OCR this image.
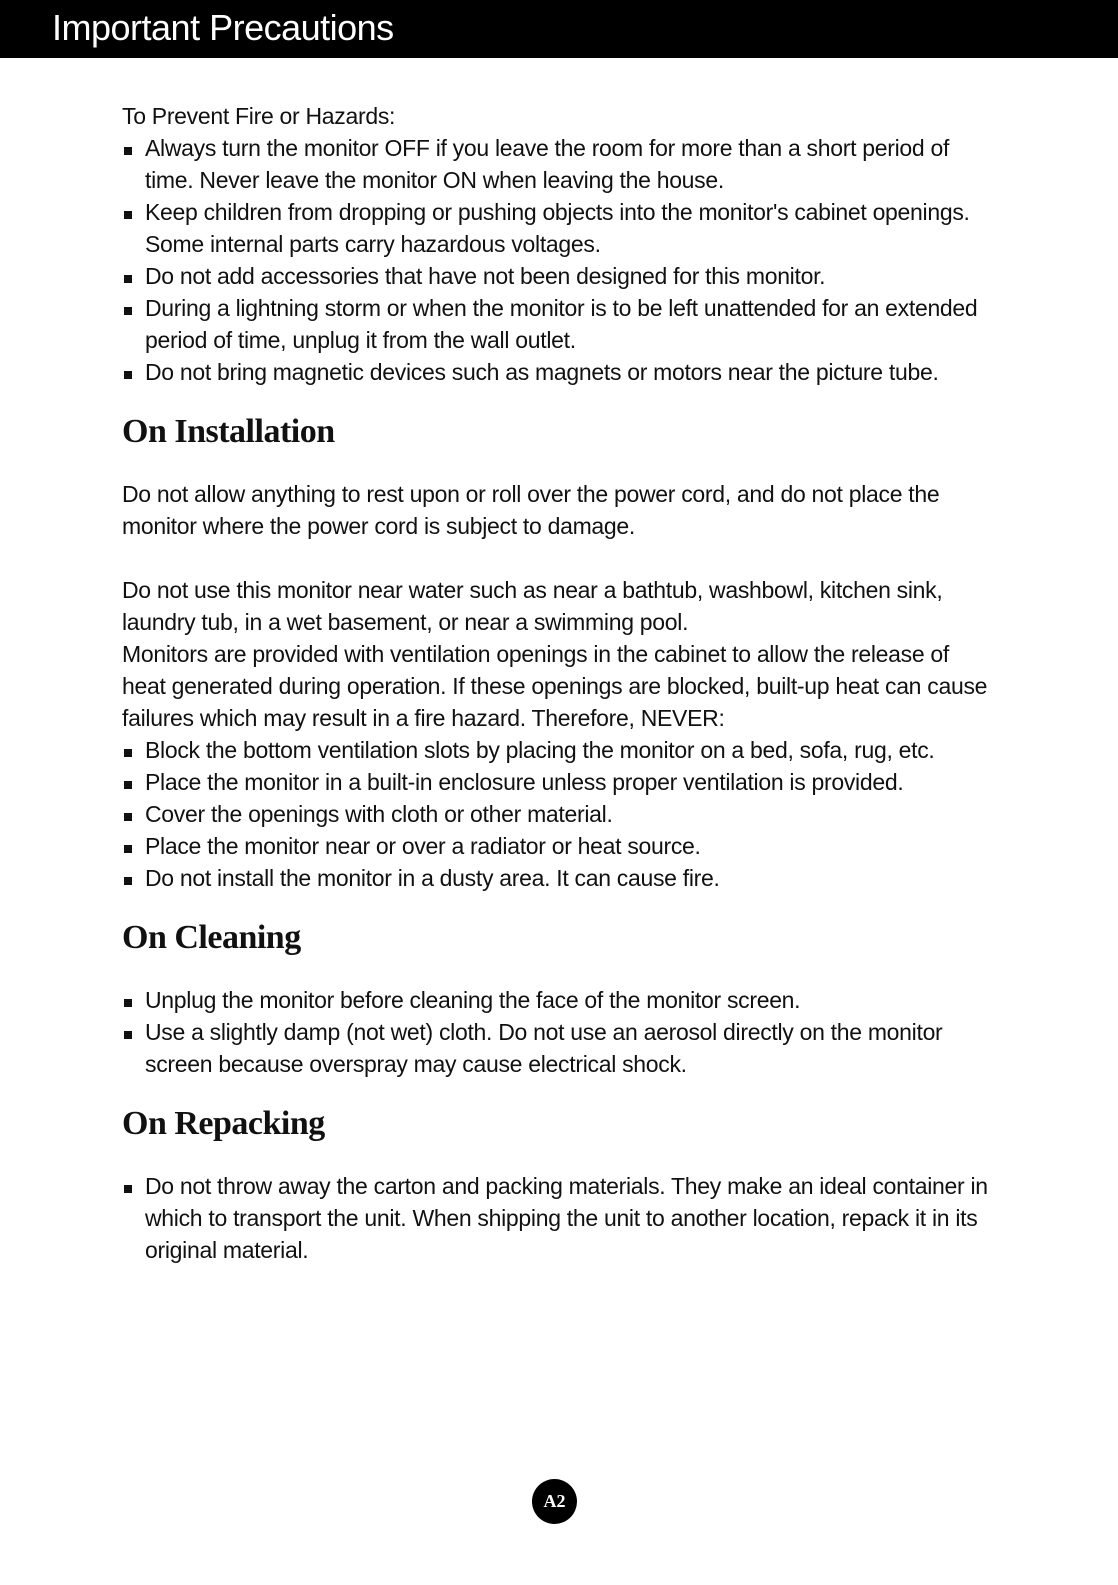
Important Precautions

To Prevent Fire or Hazards:

Always turn the monitor OFF if you leave the room for more than a short period of time. Never leave the monitor ON when leaving the house.
Keep children from dropping or pushing objects into the monitor's cabinet openings. Some internal parts carry hazardous voltages.
Do not add accessories that have not been designed for this monitor.
During a lightning storm or when the monitor is to be left unattended for an extended period of time, unplug it from the wall outlet.
Do not bring magnetic devices such as magnets or motors near the picture tube.
On Installation

Do not allow anything to rest upon or roll over the power cord, and do not place the monitor where the power cord is subject to damage.

Do not use this monitor near water such as near a bathtub, washbowl, kitchen sink, laundry tub, in a wet basement, or near a swimming pool.

Monitors are provided with ventilation openings in the cabinet to allow the release of heat generated during operation. If these openings are blocked, built-up heat can cause failures which may result in a fire hazard. Therefore, NEVER:

Block the bottom ventilation slots by placing the monitor on a bed, sofa, rug, etc.
Place the monitor in a built-in enclosure unless proper ventilation is provided.
Cover the openings with cloth or other material.
Place the monitor near or over a radiator or heat source.
Do not install the monitor in a dusty area. It can cause fire.
On Cleaning
Unplug the monitor before cleaning the face of the monitor screen.
Use a slightly damp (not wet) cloth. Do not use an aerosol directly on the monitor screen because overspray may cause electrical shock.
On Repacking
Do not throw away the carton and packing materials. They make an ideal container in which to transport the unit. When shipping the unit to another location, repack it in its original material.
A2
